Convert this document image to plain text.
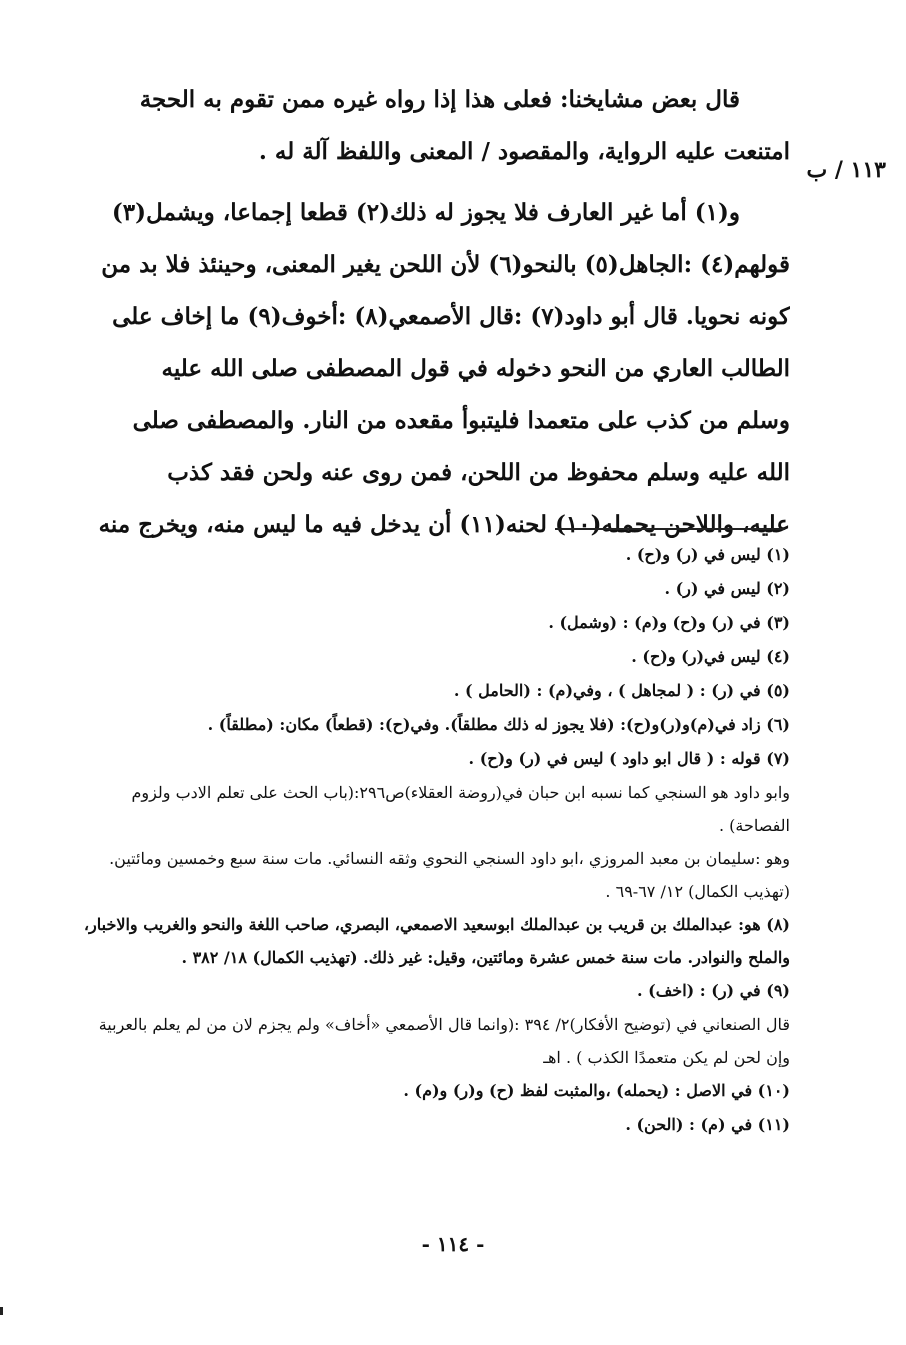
١١٣ / ب

قال بعض مشايخنا: فعلى هذا إذا رواه غيره ممن تقوم به الحجة

امتنعت عليه الرواية، والمقصود / المعنى واللفظ آلة له .

و(١) أما غير العارف فلا يجوز له ذلك(٢) قطعا إجماعا، ويشمل(٣)

قولهم(٤) :الجاهل(٥) بالنحو(٦) لأن اللحن يغير المعنى، وحينئذ فلا بد من

كونه نحويا. قال أبو داود(٧) :قال الأصمعي(٨) :أخوف(٩) ما إخاف على

الطالب العاري من النحو دخوله في قول المصطفى صلى الله عليه

وسلم من كذب على متعمدا فليتبوأ مقعده من النار. والمصطفى صلى

الله عليه وسلم محفوظ من اللحن، فمن روى عنه ولحن فقد كذب

عليه، واللاحن يحمله(١٠) لحنه(١١) أن يدخل فيه ما ليس منه، ويخرج منه

(١) ليس في (ر) و(ح) .

(٢) ليس في (ر) .

(٣) في (ر) و(ح) و(م) : (وشمل) .

(٤) ليس في(ر) و(ح) .

(٥) في (ر) : ( لمجاهل ) ، وفي(م) : (الحامل ) .

(٦) زاد في(م)و(ر)و(ح): (فلا يجوز له ذلك مطلقاً). وفي(ح): (قطعاً) مكان: (مطلقاً) .

(٧) قوله : ( قال ابو داود ) ليس في (ر) و(ح) .

وابو داود هو السنجي كما نسبه ابن حبان في(روضة العقلاء)ص٢٩٦:(باب الحث على تعلم الادب ولزوم الفصاحة) .

وهو :سليمان بن معبد المروزي ،ابو داود السنجي النحوي وثقه النسائي. مات سنة سبع وخمسين ومائتين. (تهذيب الكمال) ١٢/ ٦٧-٦٩ .

(٨) هو: عبدالملك بن قريب بن عبدالملك ابوسعيد الاصمعي، البصري، صاحب اللغة والنحو والغريب والاخبار، والملح والنوادر. مات سنة خمس عشرة ومائتين، وقيل: غير ذلك. (تهذيب الكمال) ١٨/ ٣٨٢ .

(٩) في (ر) : (اخف) .

قال الصنعاني في (توضيح الأفكار)٢/ ٣٩٤ :(وانما قال الأصمعي «أخاف» ولم يجزم لان من لم يعلم بالعربية وإن لحن لم يكن متعمدًا الكذب ) . اهـ

(١٠) في الاصل : (يحمله) ،والمثبت لفظ (ح) و(ر) و(م) .

(١١) في (م) : (الحن) .

- ١١٤ -
